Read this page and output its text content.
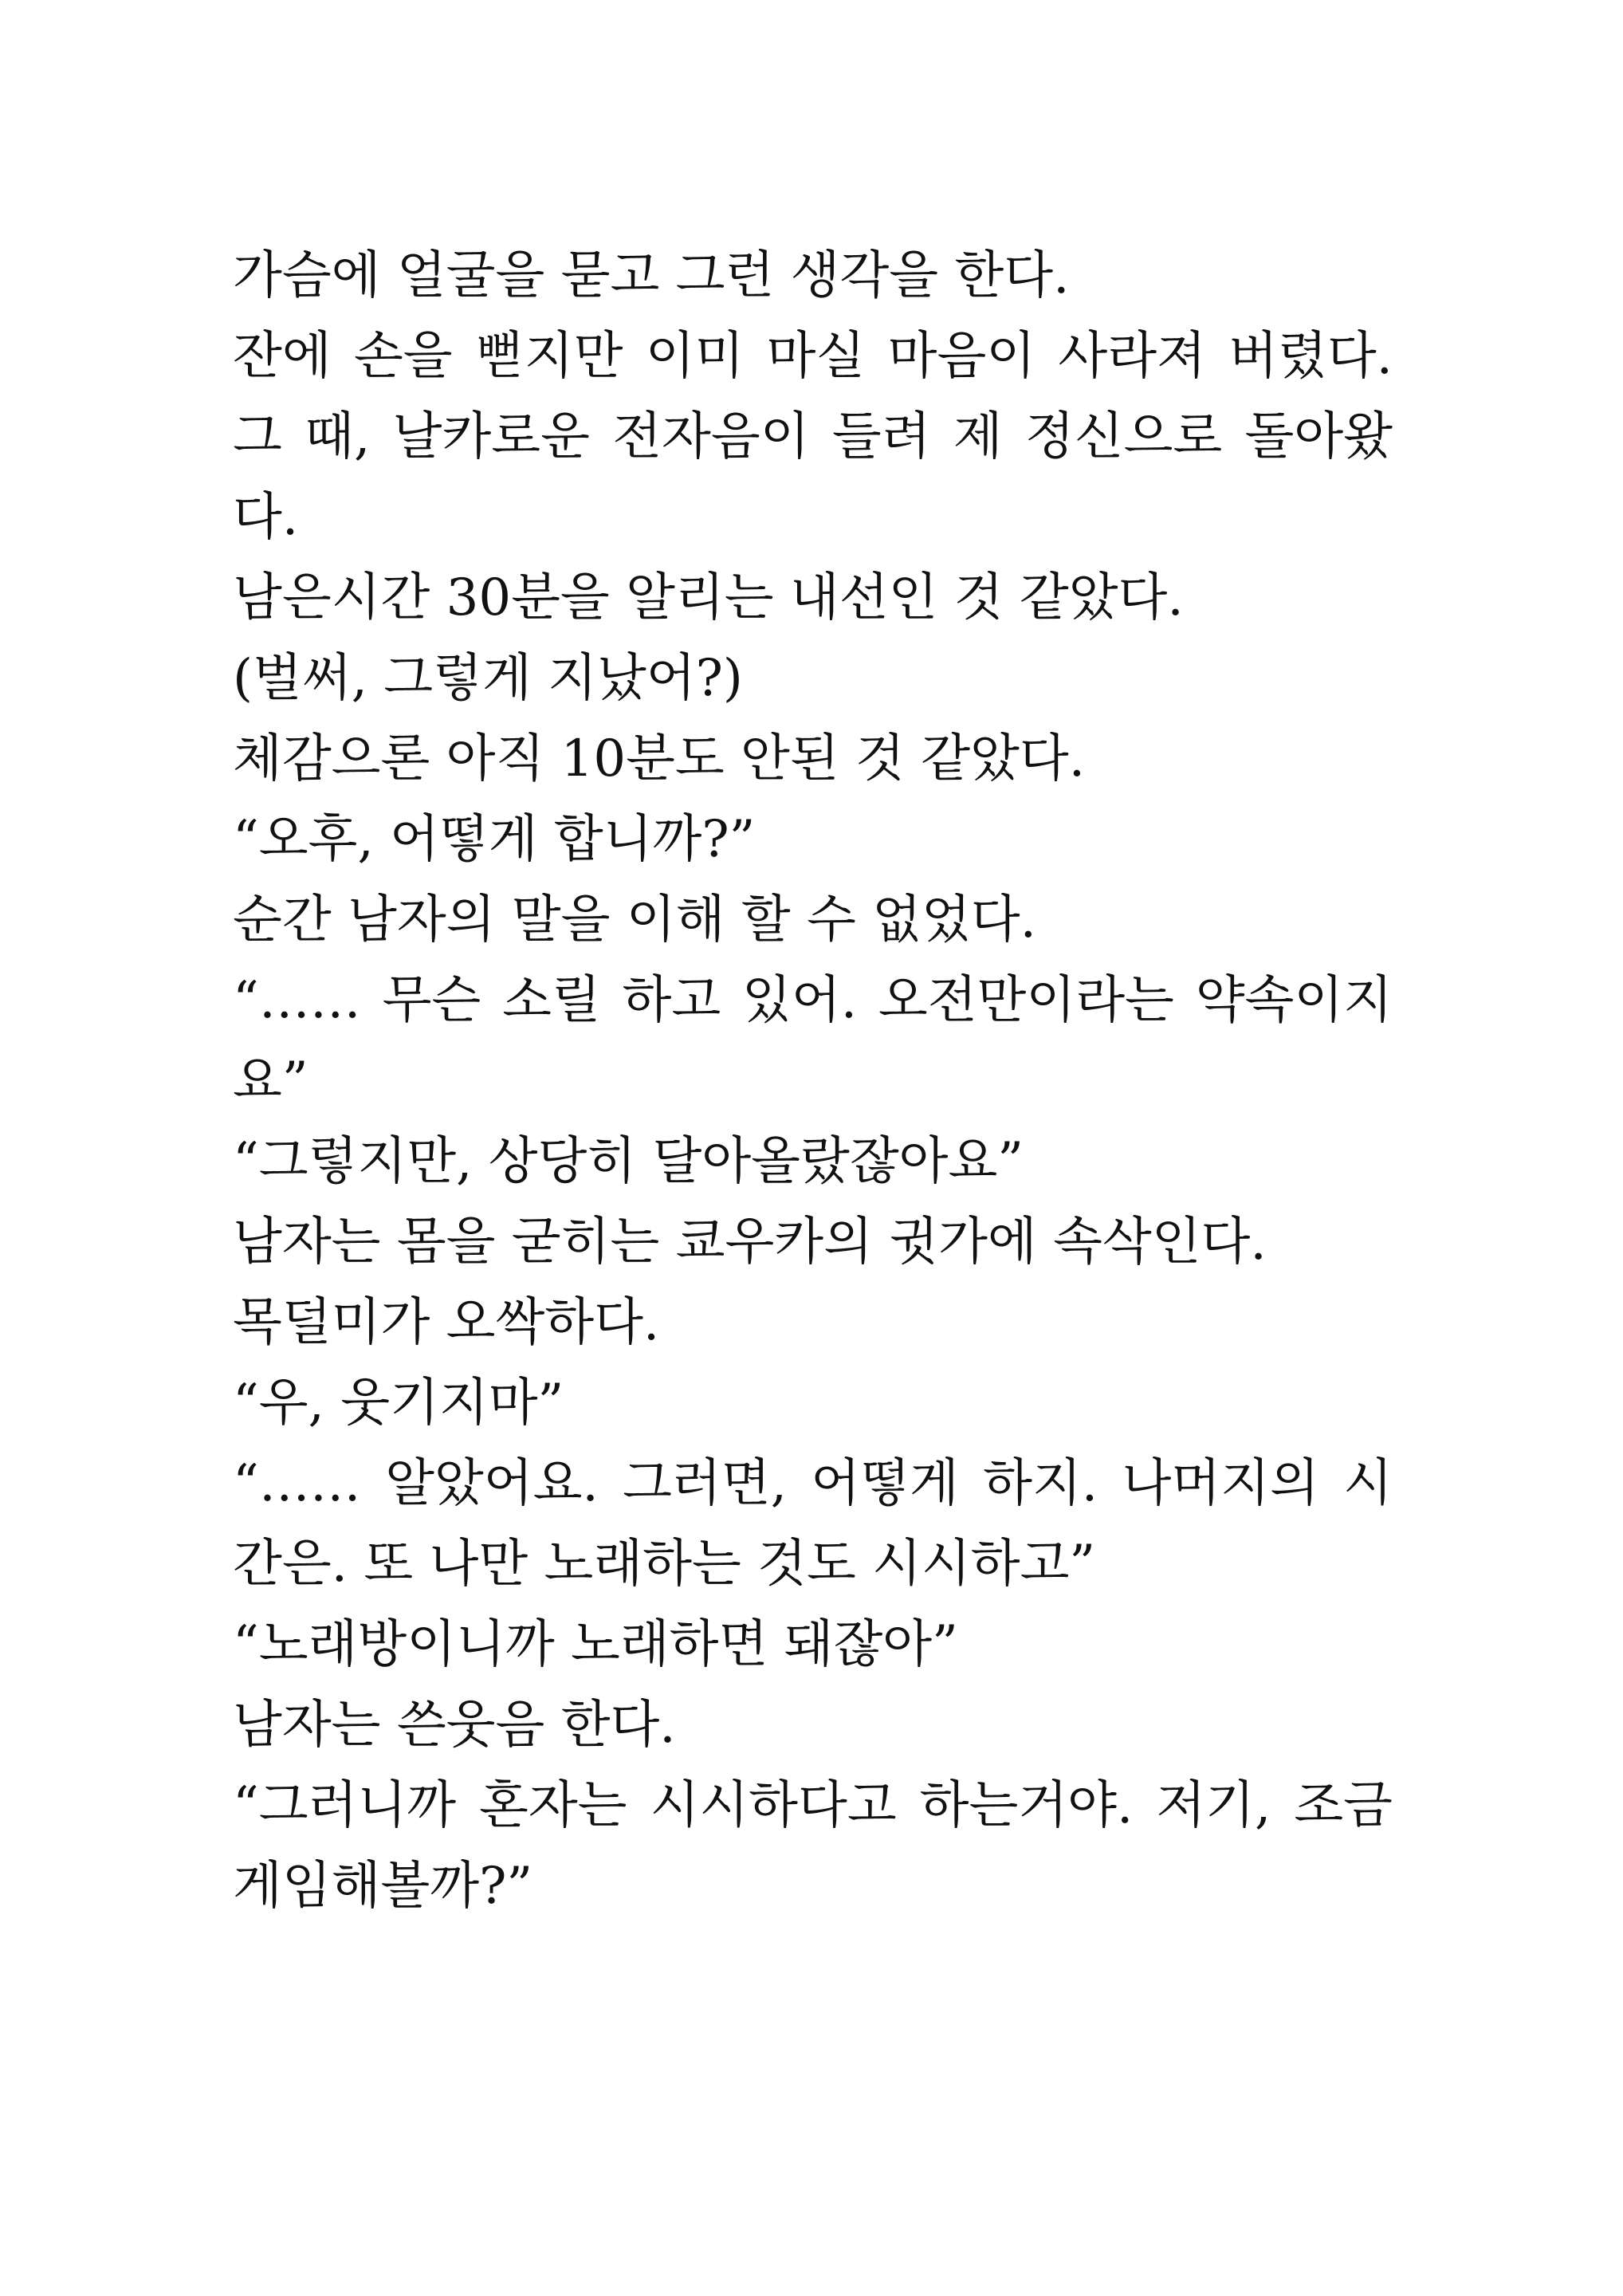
가슴에 얼굴을 묻고 그런 생각을 한다.
잔에 손을 뻗지만 이미 마실 마음이 사라져 버렸다.
그 때, 날카로운 전자음이 들려 제 정신으로 돌아왔
다.
남은시간 30분을 알리는 내선인 것 같았다.
(벌써, 그렇게 지났어?)
체감으론 아직 10분도 안된 것 같았다.
“오후, 어떻게 합니까?”
순간 남자의 말을 이해 할 수 없었다.
“…… 무슨 소릴 하고 있어. 오전만이라는 약속이지
요”
“그렇지만, 상당히 달아올랐잖아요”
남자는 몸을 굳히는 쿄우카의 귓가에 속삭인다.
목덜미가 오싹하다.
“우, 웃기지마”
“…… 알았어요. 그러면, 어떻게 하지. 나머지의 시
간은. 또 나만 노래하는 것도 시시하고”
“노래방이니까 노래하면 돼잖아”
남자는 쓴웃음 한다.
“그러니까 혼자는 시시하다고 하는거야. 저기, 조금
게임해볼까?”
